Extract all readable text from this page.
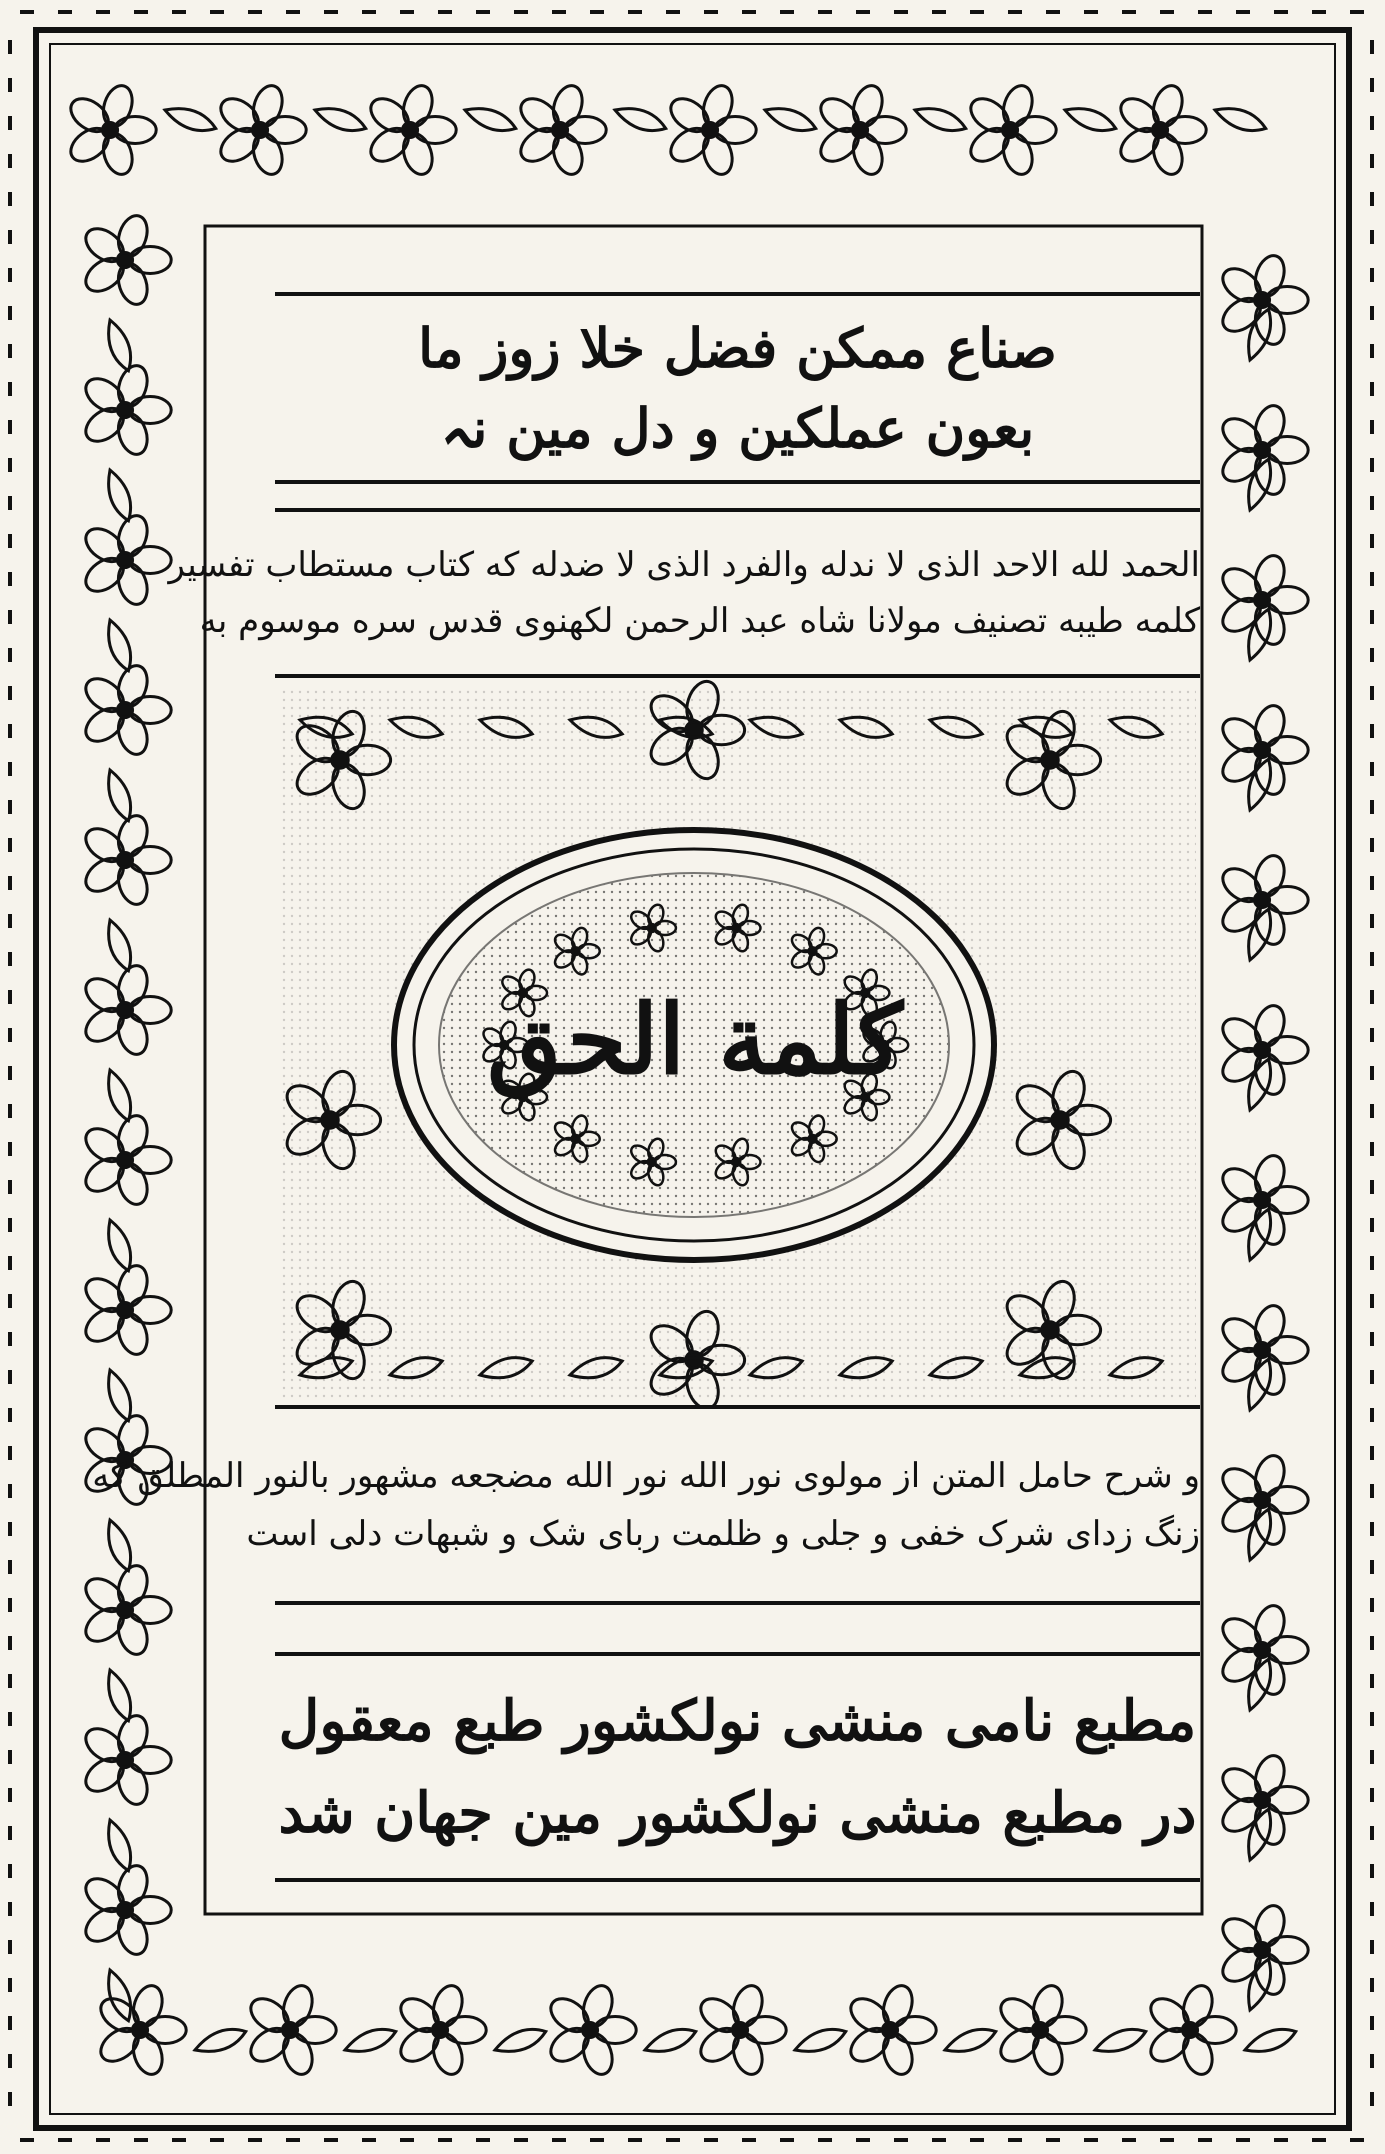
صناع ممکن فضل خلا زوز ما
بعون عملکین و دل مین نہ
الحمد لله الاحد الذی لا ندله والفرد الذی لا ضدله که کتاب مستطاب تفسیر
کلمه طیبه تصنیف مولانا شاه عبد الرحمن لکهنوی قدس سره موسوم به
کلمة الحق
و شرح حامل المتن از مولوی نور الله نور الله مضجعه مشهور بالنور المطلق که
زنگ زدای شرک خفی و جلی و ظلمت ربای شک و شبهات دلی است
مطبع نامی منشی نولکشور طبع معقول
در مطبع منشی نولکشور مین جهان شد
